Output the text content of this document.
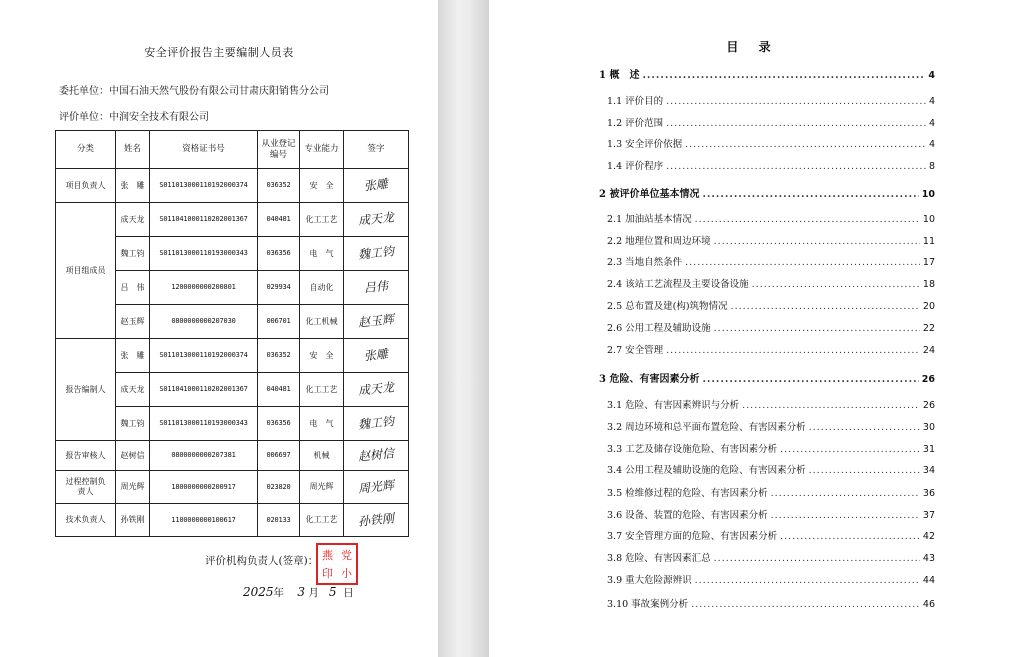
安全评价报告主要编制人员表
委托单位：中国石油天然气股份有限公司甘肃庆阳销售分公司
评价单位：中润安全技术有限公司
分类	姓名	资格证书号	从业登记编号	专业能力	签字
项目负责人	张　雕	S011013000110192000374	036352	安　全	张雕
项目组成员	成天龙	S011041000110202001367	040481	化工工艺	成天龙
	魏工钧	S011013000110193000343	036356	电　气	魏工钧
	吕　伟	1200000000200801	029934	自动化	吕伟
	赵玉辉	0800000000207030	006701	化工机械	赵玉辉
报告编制人	张　雕	S011013000110192000374	036352	安　全	张雕
	成天龙	S011041000110202001367	040481	化工工艺	成天龙
	魏工钧	S011013000110193000343	036356	电　气	魏工钧
报告审核人	赵树信	0800000000207381	006697	机械	赵树信
过程控制负责人	周光辉	1800000000200917	023820	周光辉	周光辉
技术负责人	孙铁刚	1100000000100617	020133	化工工艺	孙铁刚
评价机构负责人(签章)： 燕 党
印 小
2025年 3 月 5 日
目 录
1 概　述 .....	4
1.1 评价目的 .....	4
1.2 评价范围 .....	4
1.3 安全评价依据 .....	4
1.4 评价程序 .....	8
2 被评价单位基本情况 .....	10
2.1 加油站基本情况 .....	10
2.2 地理位置和周边环境 .....	11
2.3 当地自然条件 .....	17
2.4 该站工艺流程及主要设备设施 .....	18
2.5 总布置及建(构)筑物情况 .....	20
2.6 公用工程及辅助设施 .....	22
2.7 安全管理 .....	24
3 危险、有害因素分析 .....	26
3.1 危险、有害因素辨识与分析 .....	26
3.2 周边环境和总平面布置危险、有害因素分析 .....	30
3.3 工艺及储存设施危险、有害因素分析 .....	31
3.4 公用工程及辅助设施的危险、有害因素分析 .....	34
3.5 检维修过程的危险、有害因素分析 .....	36
3.6 设备、装置的危险、有害因素分析 .....	37
3.7 安全管理方面的危险、有害因素分析 .....	42
3.8 危险、有害因素汇总 .....	43
3.9 重大危险源辨识 .....	44
3.10 事故案例分析 .....	46
